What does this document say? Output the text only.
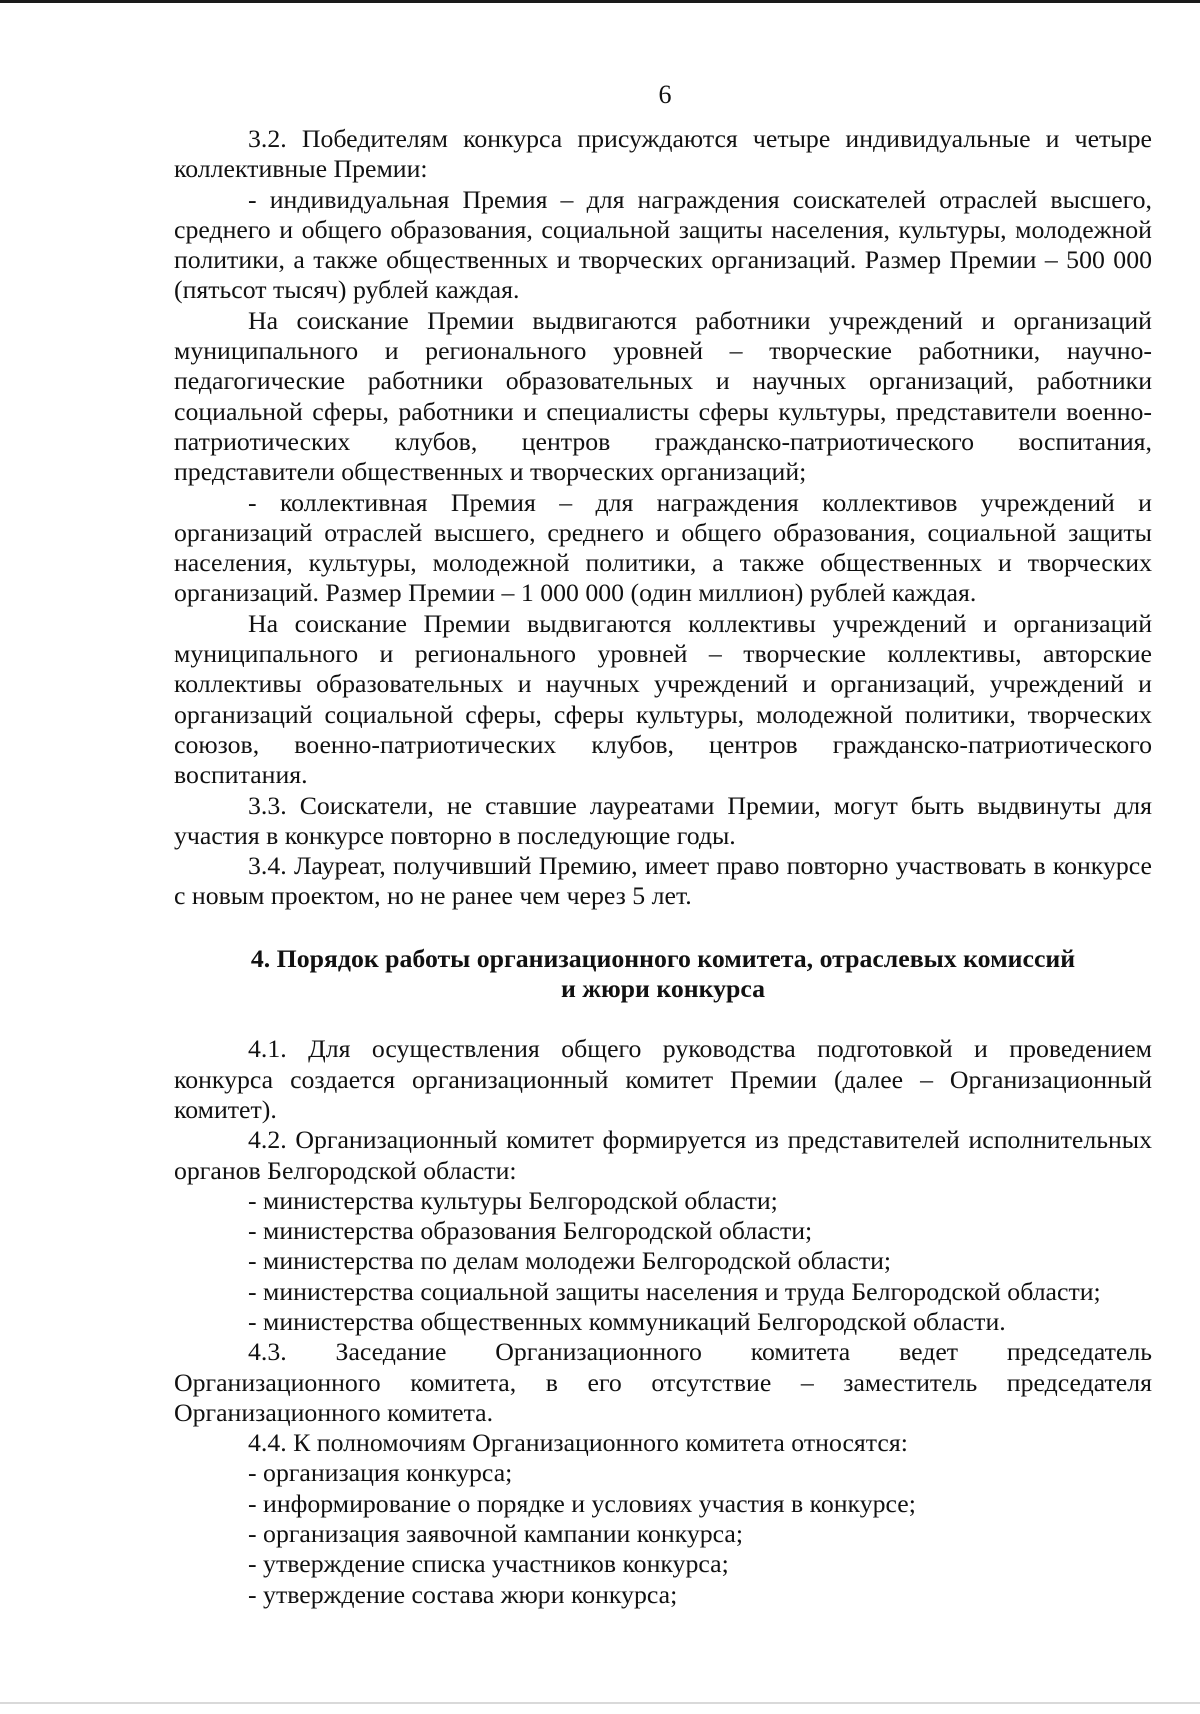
6

3.2. Победителям конкурса присуждаются четыре индивидуальные и четыре коллективные Премии:

- индивидуальная Премия – для награждения соискателей отраслей высшего, среднего и общего образования, социальной защиты населения, культуры, молодежной политики, а также общественных и творческих организаций. Размер Премии – 500 000 (пятьсот тысяч) рублей каждая.

На соискание Премии выдвигаются работники учреждений и организаций муниципального и регионального уровней – творческие работники, научно-педагогические работники образовательных и научных организаций, работники социальной сферы, работники и специалисты сферы культуры, представители военно-патриотических клубов, центров гражданско-патриотического воспитания, представители общественных и творческих организаций;

- коллективная Премия – для награждения коллективов учреждений и организаций отраслей высшего, среднего и общего образования, социальной защиты населения, культуры, молодежной политики, а также общественных и творческих организаций. Размер Премии – 1 000 000 (один миллион) рублей каждая.

На соискание Премии выдвигаются коллективы учреждений и организаций муниципального и регионального уровней – творческие коллективы, авторские коллективы образовательных и научных учреждений и организаций, учреждений и организаций социальной сферы, сферы культуры, молодежной политики, творческих союзов, военно-патриотических клубов, центров гражданско-патриотического воспитания.

3.3. Соискатели, не ставшие лауреатами Премии, могут быть выдвинуты для участия в конкурсе повторно в последующие годы.

3.4. Лауреат, получивший Премию, имеет право повторно участвовать в конкурсе с новым проектом, но не ранее чем через 5 лет.

4. Порядок работы организационного комитета, отраслевых комиссий
и жюри конкурса

4.1. Для осуществления общего руководства подготовкой и проведением конкурса создается организационный комитет Премии (далее – Организационный комитет).

4.2. Организационный комитет формируется из представителей исполнительных органов Белгородской области:

- министерства культуры Белгородской области;

- министерства образования Белгородской области;

- министерства по делам молодежи Белгородской области;

- министерства социальной защиты населения и труда Белгородской области;

- министерства общественных коммуникаций Белгородской области.

4.3. Заседание Организационного комитета ведет председатель Организационного комитета, в его отсутствие – заместитель председателя Организационного комитета.

4.4. К полномочиям Организационного комитета относятся:

- организация конкурса;

- информирование о порядке и условиях участия в конкурсе;

- организация заявочной кампании конкурса;

- утверждение списка участников конкурса;

- утверждение состава жюри конкурса;
